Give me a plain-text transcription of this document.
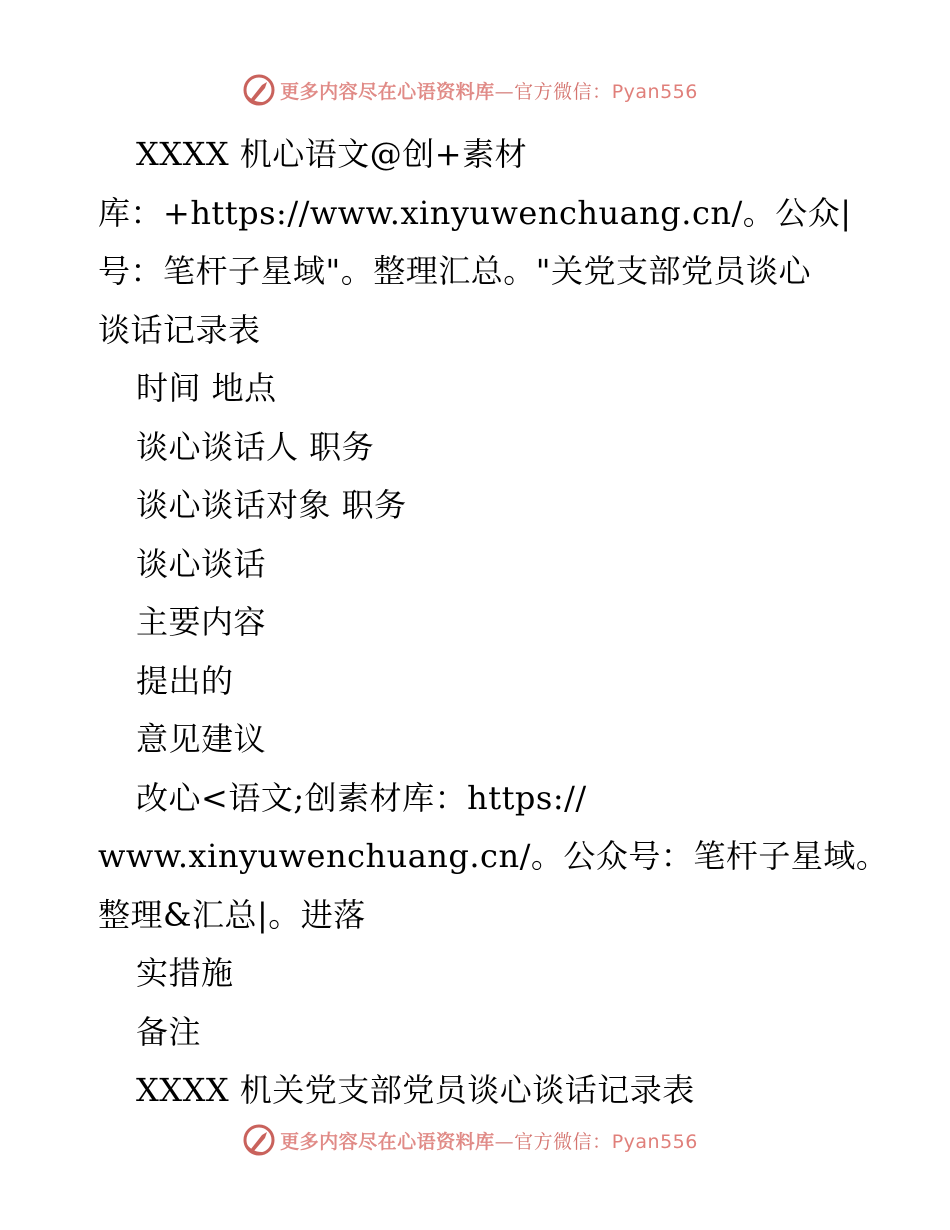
更多内容尽在心语资料库—官方微信：Pyan556
XXXX 机心语文@创+素材
库：+https://www.xinyuwenchuang.cn/。公众|
号：笔杆子星域"。整理汇总。"关党支部党员谈心
谈话记录表
时间 地点
谈心谈话人 职务
谈心谈话对象 职务
谈心谈话
主要内容
提出的
意见建议
改心<语文;创素材库：https://
www.xinyuwenchuang.cn/。公众号：笔杆子星域。
整理&汇总|。进落
实措施
备注
XXXX 机关党支部党员谈心谈话记录表
更多内容尽在心语资料库—官方微信：Pyan556
